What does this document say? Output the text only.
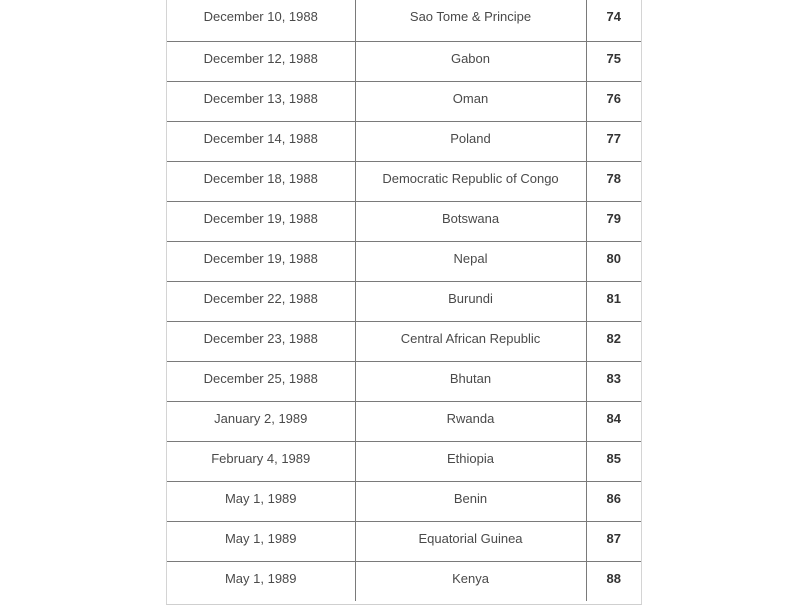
December 10, 1988	Sao Tome & Principe	74
December 12, 1988	Gabon	75
December 13, 1988	Oman	76
December 14, 1988	Poland	77
December 18, 1988	Democratic Republic of Congo	78
December 19, 1988	Botswana	79
December 19, 1988	Nepal	80
December 22, 1988	Burundi	81
December 23, 1988	Central African Republic	82
December 25, 1988	Bhutan	83
January 2, 1989	Rwanda	84
February 4, 1989	Ethiopia	85
May 1, 1989	Benin	86
May 1, 1989	Equatorial Guinea	87
May 1, 1989	Kenya	88
